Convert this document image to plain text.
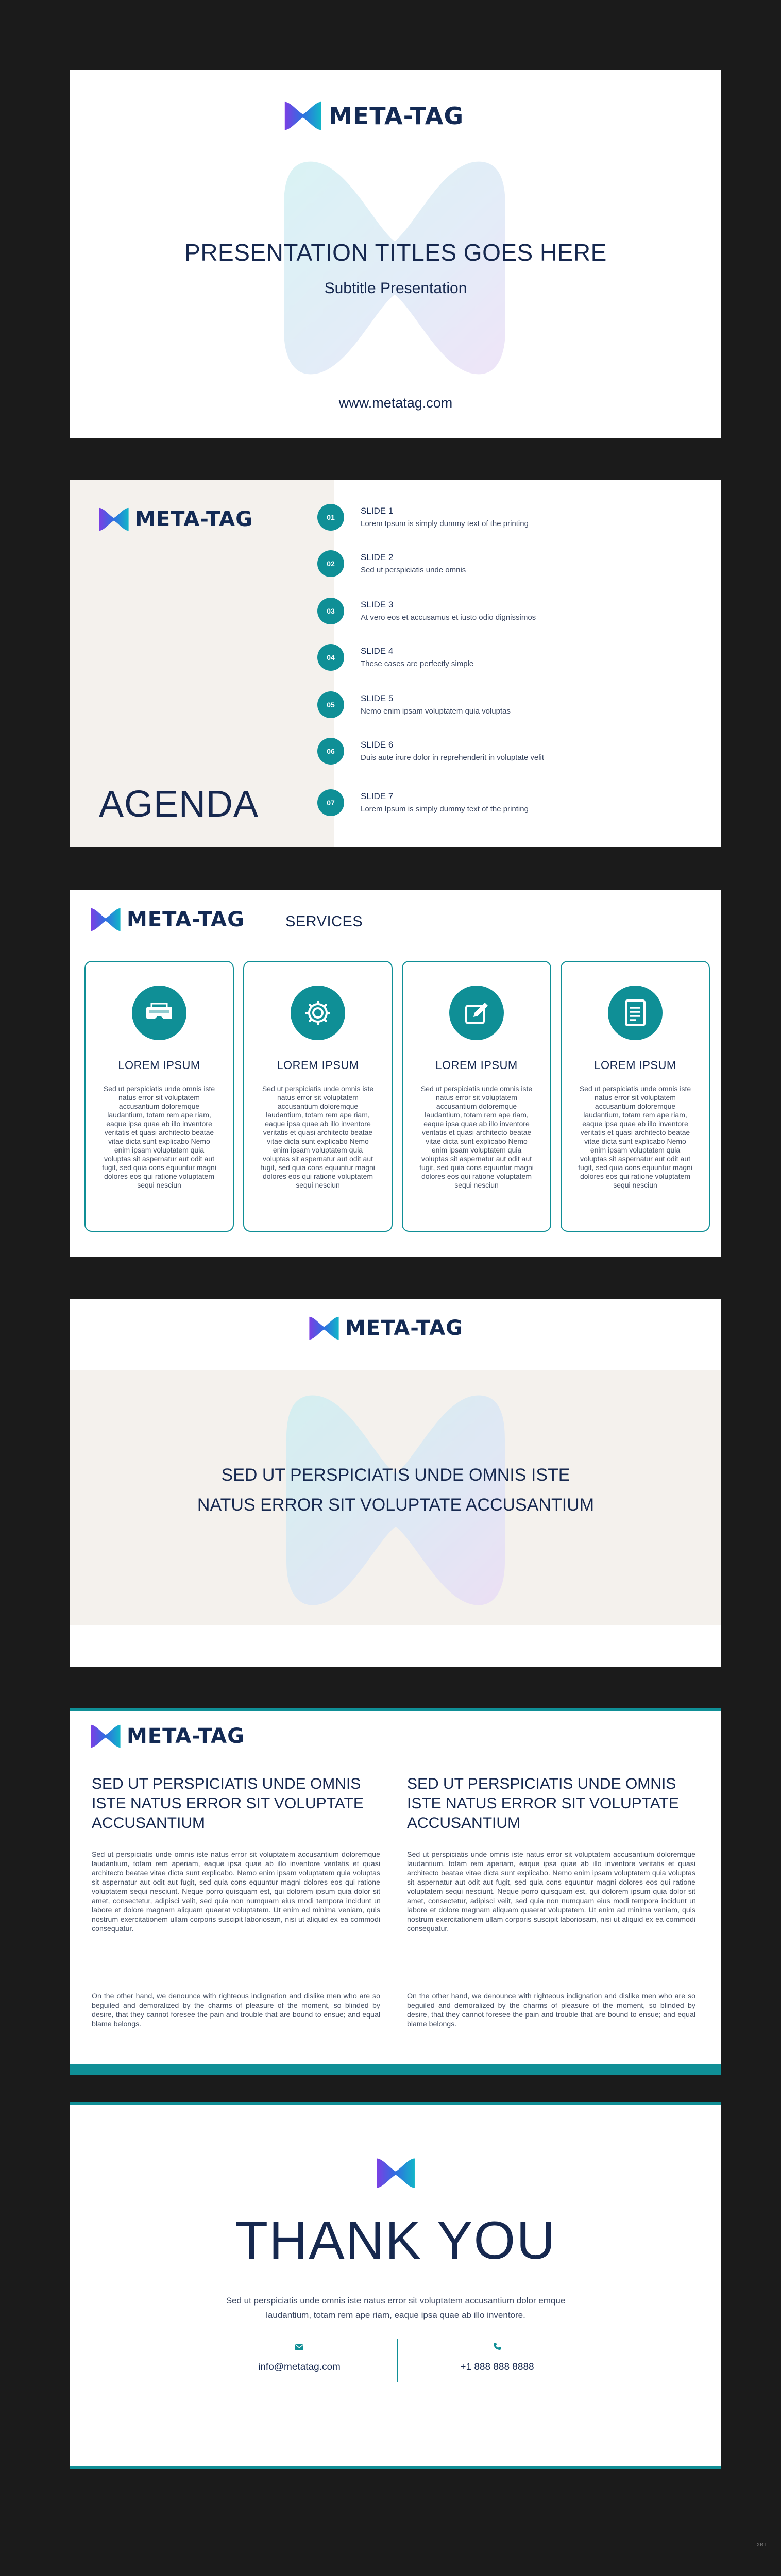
META-TAG
PRESENTATION TITLES GOES HERE
Subtitle Presentation
www.metatag.com
META-TAG
AGENDA
01
SLIDE 1
Lorem Ipsum is simply dummy text of the printing
02
SLIDE 2
Sed ut perspiciatis unde omnis
03
SLIDE 3
At vero eos et accusamus et iusto odio dignissimos
04
SLIDE 4
These cases are perfectly simple
05
SLIDE 5
Nemo enim ipsam voluptatem quia voluptas
06
SLIDE 6
Duis aute irure dolor in reprehenderit in voluptate velit
07
SLIDE 7
Lorem Ipsum is simply dummy text of the printing
META-TAG	SERVICES
LOREM IPSUM
Sed ut perspiciatis unde omnis iste natus error sit voluptatem accusantium doloremque laudantium, totam rem ape riam, eaque ipsa quae ab illo inventore veritatis et quasi architecto beatae vitae dicta sunt explicabo Nemo enim ipsam voluptatem quia voluptas sit aspernatur aut odit aut fugit, sed quia cons equuntur magni dolores eos qui ratione voluptatem sequi nesciun
LOREM IPSUM
Sed ut perspiciatis unde omnis iste natus error sit voluptatem accusantium doloremque laudantium, totam rem ape riam, eaque ipsa quae ab illo inventore veritatis et quasi architecto beatae vitae dicta sunt explicabo Nemo enim ipsam voluptatem quia voluptas sit aspernatur aut odit aut fugit, sed quia cons equuntur magni dolores eos qui ratione voluptatem sequi nesciun
LOREM IPSUM
Sed ut perspiciatis unde omnis iste natus error sit voluptatem accusantium doloremque laudantium, totam rem ape riam, eaque ipsa quae ab illo inventore veritatis et quasi architecto beatae vitae dicta sunt explicabo Nemo enim ipsam voluptatem quia voluptas sit aspernatur aut odit aut fugit, sed quia cons equuntur magni dolores eos qui ratione voluptatem sequi nesciun
LOREM IPSUM
Sed ut perspiciatis unde omnis iste natus error sit voluptatem accusantium doloremque laudantium, totam rem ape riam, eaque ipsa quae ab illo inventore veritatis et quasi architecto beatae vitae dicta sunt explicabo Nemo enim ipsam voluptatem quia voluptas sit aspernatur aut odit aut fugit, sed quia cons equuntur magni dolores eos qui ratione voluptatem sequi nesciun
META-TAG
SED UT PERSPICIATIS UNDE OMNIS ISTE
NATUS ERROR SIT VOLUPTATE ACCUSANTIUM
META-TAG
SED UT PERSPICIATIS UNDE OMNIS ISTE NATUS ERROR SIT VOLUPTATE ACCUSANTIUM
Sed ut perspiciatis unde omnis iste natus error sit voluptatem accusantium doloremque laudantium, totam rem aperiam, eaque ipsa quae ab illo inventore veritatis et quasi architecto beatae vitae dicta sunt explicabo. Nemo enim ipsam voluptatem quia voluptas sit aspernatur aut odit aut fugit, sed quia cons equuntur magni dolores eos qui ratione voluptatem sequi nesciunt. Neque porro quisquam est, qui dolorem ipsum quia dolor sit amet, consectetur, adipisci velit, sed quia non numquam eius modi tempora incidunt ut labore et dolore magnam aliquam quaerat voluptatem. Ut enim ad minima veniam, quis nostrum exercitationem ullam corporis suscipit laboriosam, nisi ut aliquid ex ea commodi consequatur.
On the other hand, we denounce with righteous indignation and dislike men who are so beguiled and demoralized by the charms of pleasure of the moment, so blinded by desire, that they cannot foresee the pain and trouble that are bound to ensue; and equal blame belongs.
SED UT PERSPICIATIS UNDE OMNIS ISTE NATUS ERROR SIT VOLUPTATE ACCUSANTIUM
Sed ut perspiciatis unde omnis iste natus error sit voluptatem accusantium doloremque laudantium, totam rem aperiam, eaque ipsa quae ab illo inventore veritatis et quasi architecto beatae vitae dicta sunt explicabo. Nemo enim ipsam voluptatem quia voluptas sit aspernatur aut odit aut fugit, sed quia cons equuntur magni dolores eos qui ratione voluptatem sequi nesciunt. Neque porro quisquam est, qui dolorem ipsum quia dolor sit amet, consectetur, adipisci velit, sed quia non numquam eius modi tempora incidunt ut labore et dolore magnam aliquam quaerat voluptatem. Ut enim ad minima veniam, quis nostrum exercitationem ullam corporis suscipit laboriosam, nisi ut aliquid ex ea commodi consequatur.
On the other hand, we denounce with righteous indignation and dislike men who are so beguiled and demoralized by the charms of pleasure of the moment, so blinded by desire, that they cannot foresee the pain and trouble that are bound to ensue; and equal blame belongs.
THANK YOU
Sed ut perspiciatis unde omnis iste natus error sit voluptatem accusantium dolor emque laudantium, totam rem ape riam, eaque ipsa quae ab illo inventore.
info@metatag.com	+1 888 888 8888
XBT
